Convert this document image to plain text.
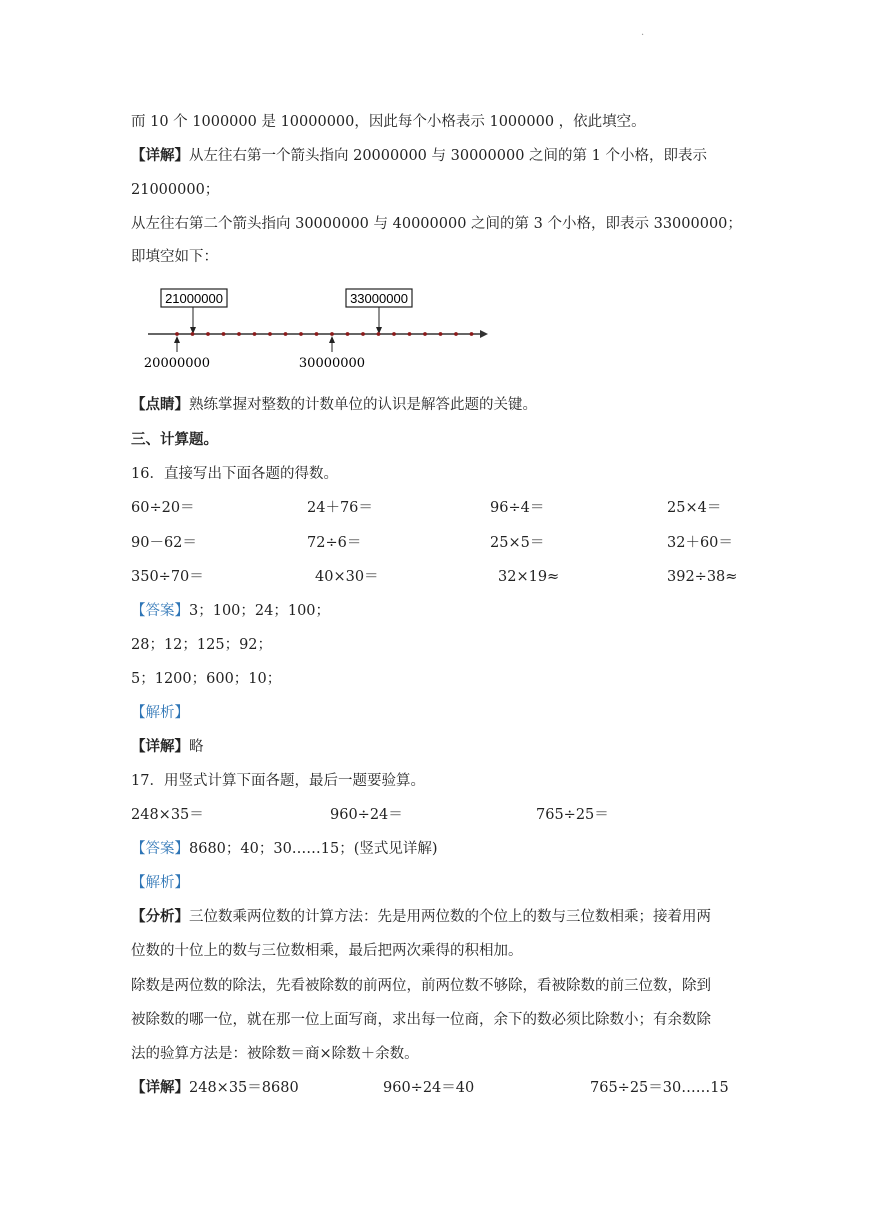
·
而 10 个 1000000 是 10000000，因此每个小格表示 1000000 ，依此填空。
【详解】从左往右第一个箭头指向 20000000 与 30000000 之间的第 1 个小格，即表示
21000000；
从左往右第二个箭头指向 30000000 与 40000000 之间的第 3 个小格，即表示 33000000；
即填空如下：
21000000	33000000
20000000	30000000
【点睛】熟练掌握对整数的计数单位的认识是解答此题的关键。
三、计算题。
16．直接写出下面各题的得数。
60÷20＝	24＋76＝	96÷4＝	25×4＝
90－62＝	72÷6＝	25×5＝	32＋60＝
350÷70＝	40×30＝	32×19≈	392÷38≈
【答案】3；100；24；100；
28；12；125；92；
5；1200；600；10；
【解析】
【详解】略
17．用竖式计算下面各题，最后一题要验算。
248×35＝	960÷24＝	765÷25＝
【答案】8680；40；30……15；(竖式见详解)
【解析】
【分析】三位数乘两位数的计算方法：先是用两位数的个位上的数与三位数相乘；接着用两
位数的十位上的数与三位数相乘，最后把两次乘得的积相加。
除数是两位数的除法，先看被除数的前两位，前两位数不够除，看被除数的前三位数，除到
被除数的哪一位，就在那一位上面写商，求出每一位商，余下的数必须比除数小；有余数除
法的验算方法是：被除数＝商×除数＋余数。
【详解】248×35＝8680	960÷24＝40	765÷25＝30……15
